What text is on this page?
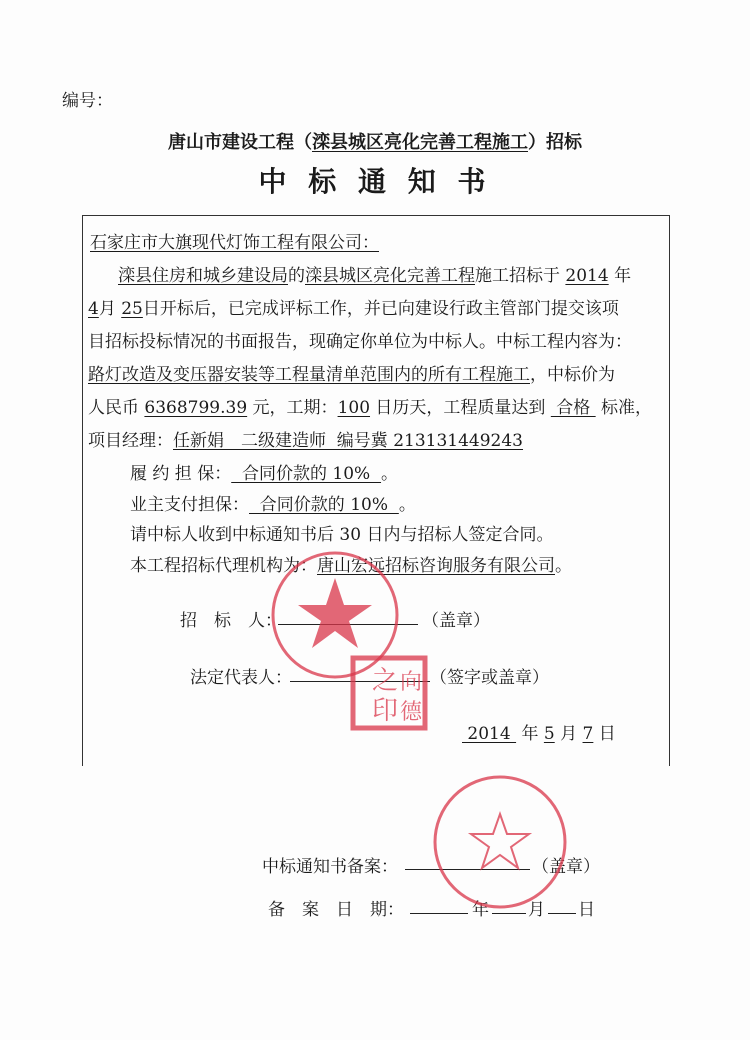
编号：
唐山市建设工程（滦县城区亮化完善工程施工）招标
中 标 通 知 书
石家庄市大旗现代灯饰工程有限公司：
滦县住房和城乡建设局的滦县城区亮化完善工程施工招标于 2014 年
4月 25日开标后，已完成评标工作，并已向建设行政主管部门提交该项
目招标投标情况的书面报告，现确定你单位为中标人。中标工程内容为：
路灯改造及变压器安装等工程量清单范围内的所有工程施工，中标价为
人民币 6368799.39 元，工期：100 日历天，工程质量达到  合格  标准，
项目经理：任新娟　二级建造师  编号冀 213131449243
履 约 担 保：  合同价款的 10%  。
业主支付担保：  合同价款的 10%  。
请中标人收到中标通知书后 30 日内与招标人签定合同。
本工程招标代理机构为：唐山宏远招标咨询服务有限公司。
招　标　人：	（盖章）
法定代表人：	（签字或盖章）
2014  年 5 月 7 日
中标通知书备案：	（盖章）
备　案　日　期：	年 月 日
之
印
向
德
